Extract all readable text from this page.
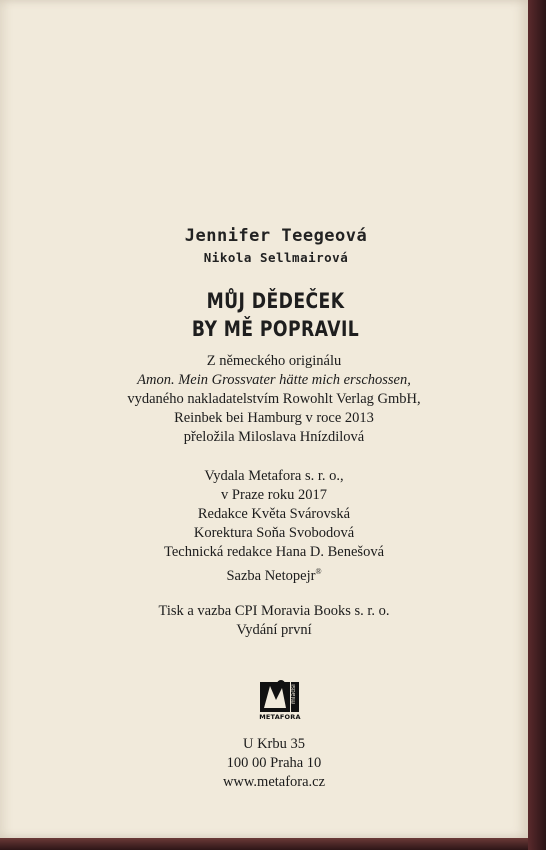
Jennifer Teegeová
Nikola Sellmairová
MŮJ DĚDEČEK
BY MĚ POPRAVIL
Z německého originálu
Amon. Mein Grossvater hätte mich erschossen,
vydaného nakladatelstvím Rowohlt Verlag GmbH,
Reinbek bei Hamburg v roce 2013
přeložila Miloslava Hnízdilová
Vydala Metafora s. r. o.,
v Praze roku 2017
Redakce Květa Svárovská
Korektura Soňa Svobodová
Technická redakce Hana D. Benešová
Sazba Netopejr®
Tisk a vazba CPI Moravia Books s. r. o.
Vydání první
mladší
METAFORA
U Krbu 35
100 00 Praha 10
www.metafora.cz
